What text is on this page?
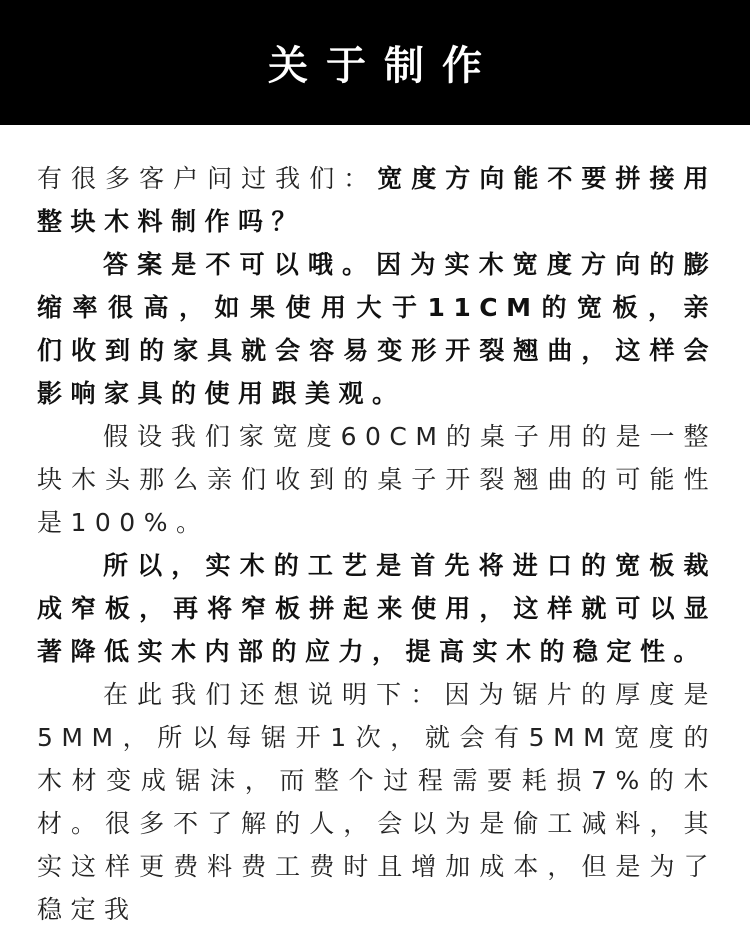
关于制作

有很多客户问过我们：宽度方向能不要拼接用整块木料制作吗？

答案是不可以哦。因为实木宽度方向的膨缩率很高，如果使用大于11CM的宽板，亲们收到的家具就会容易变形开裂翘曲，这样会影响家具的使用跟美观。

假设我们家宽度60CM的桌子用的是一整块木头那么亲们收到的桌子开裂翘曲的可能性是100%。

所以，实木的工艺是首先将进口的宽板裁成窄板，再将窄板拼起来使用，这样就可以显著降低实木内部的应力，提高实木的稳定性。

在此我们还想说明下：因为锯片的厚度是5MM，所以每锯开1次，就会有5MM宽度的木材变成锯沫，而整个过程需要耗损7%的木材。很多不了解的人，会以为是偷工减料，其实这样更费料费工费时且增加成本，但是为了稳定我
